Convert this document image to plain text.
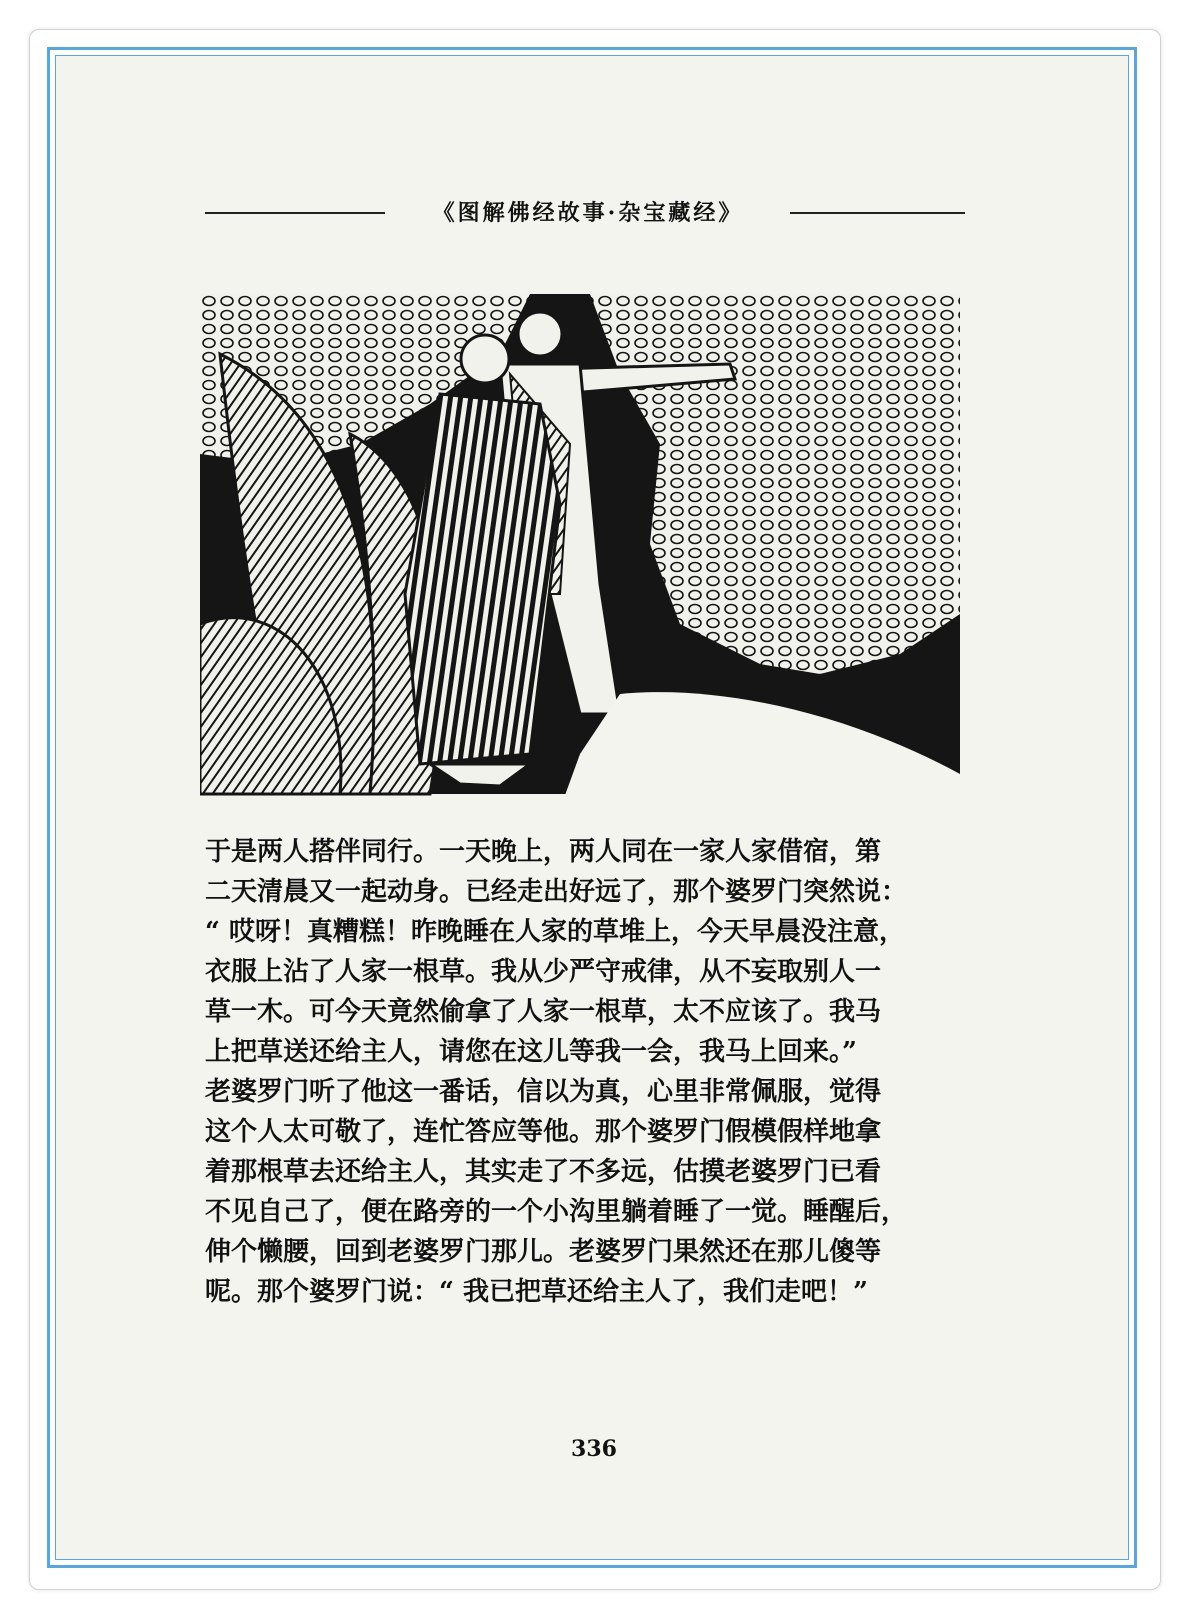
《图解佛经故事·杂宝藏经》

于是两人搭伴同行。一天晚上，两人同在一家人家借宿，第

二天清晨又一起动身。已经走出好远了，那个婆罗门突然说：

“ 哎呀！真糟糕！昨晚睡在人家的草堆上，今天早晨没注意，

衣服上沾了人家一根草。我从少严守戒律，从不妄取别人一

草一木。可今天竟然偷拿了人家一根草，太不应该了。我马

上把草送还给主人，请您在这儿等我一会，我马上回来。”

老婆罗门听了他这一番话，信以为真，心里非常佩服，觉得

这个人太可敬了，连忙答应等他。那个婆罗门假模假样地拿

着那根草去还给主人，其实走了不多远，估摸老婆罗门已看

不见自己了，便在路旁的一个小沟里躺着睡了一觉。睡醒后，

伸个懒腰，回到老婆罗门那儿。老婆罗门果然还在那儿傻等

呢。那个婆罗门说：“ 我已把草还给主人了，我们走吧！”

336
